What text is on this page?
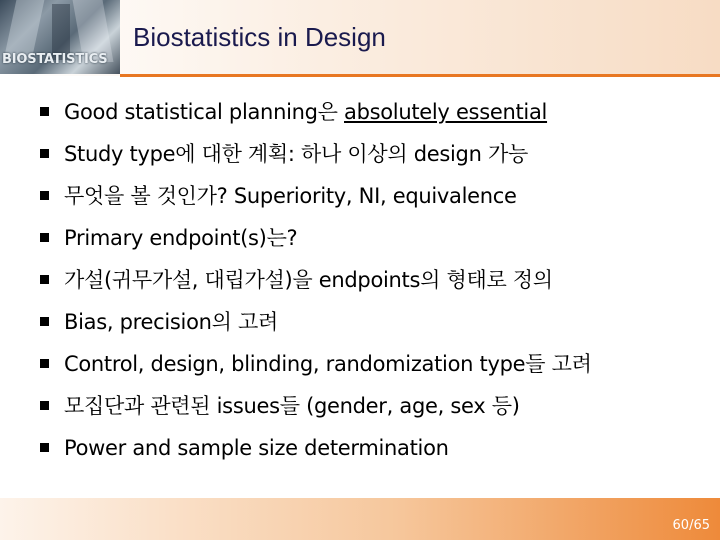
BIOSTATISTICS
Biostatistics in Design
Good statistical planning은 absolutely essential
Study type에 대한 계획: 하나 이상의 design 가능
무엇을 볼 것인가? Superiority, NI, equivalence
Primary endpoint(s)는?
가설(귀무가설, 대립가설)을 endpoints의 형태로 정의
Bias, precision의 고려
Control, design, blinding, randomization type들 고려
모집단과 관련된 issues들 (gender, age, sex 등)
Power and sample size determination
60/65
